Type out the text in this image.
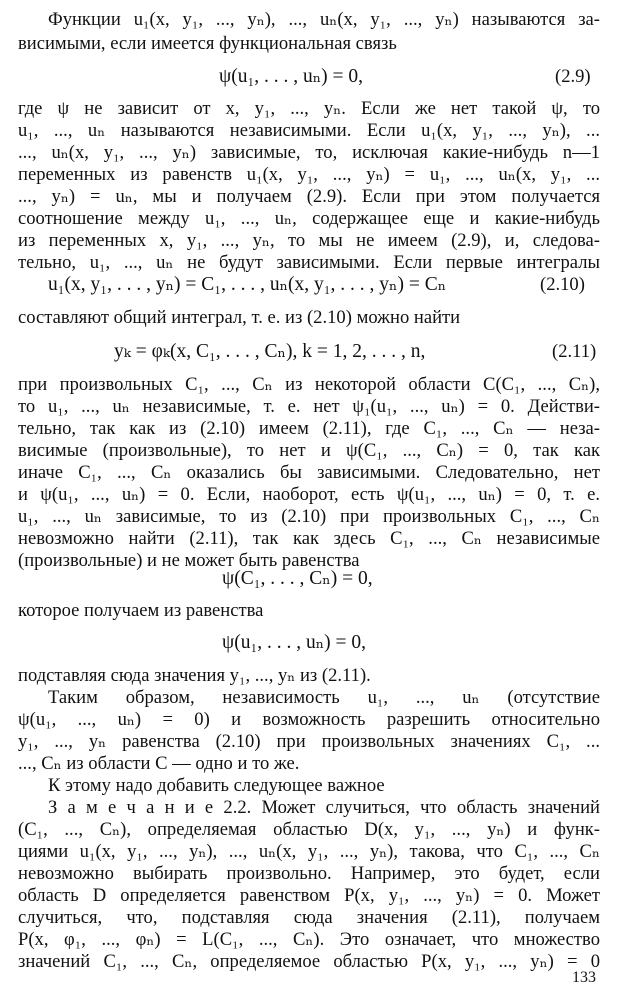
Функции u₁(x, y₁, ..., yₙ), ..., uₙ(x, y₁, ..., yₙ) называются за-
висимыми, если имеется функциональная связь
ψ(u₁, . . . , uₙ) = 0,	(2.9)
где ψ не зависит от x, y₁, ..., yₙ. Если же нет такой ψ, то
u₁, ..., uₙ называются независимыми. Если u₁(x, y₁, ..., yₙ), ...
..., uₙ(x, y₁, ..., yₙ) зависимые, то, исключая какие-нибудь n—1
переменных из равенств u₁(x, y₁, ..., yₙ) = u₁, ..., uₙ(x, y₁, ...
..., yₙ) = uₙ, мы и получаем (2.9). Если при этом получается
соотношение между u₁, ..., uₙ, содержащее еще и какие-нибудь
из переменных x, y₁, ..., yₙ, то мы не имеем (2.9), и, следова-
тельно, u₁, ..., uₙ не будут зависимыми. Если первые интегралы
u₁(x, y₁, . . . , yₙ) = C₁, . . . , uₙ(x, y₁, . . . , yₙ) = Cₙ	(2.10)
составляют общий интеграл, т. е. из (2.10) можно найти
yₖ = φₖ(x, C₁, . . . , Cₙ), k = 1, 2, . . . , n,	(2.11)
при произвольных C₁, ..., Cₙ из некоторой области C(C₁, ..., Cₙ),
то u₁, ..., uₙ независимые, т. е. нет ψ₁(u₁, ..., uₙ) = 0. Действи-
тельно, так как из (2.10) имеем (2.11), где C₁, ..., Cₙ — неза-
висимые (произвольные), то нет и ψ(C₁, ..., Cₙ) = 0, так как
иначе C₁, ..., Cₙ оказались бы зависимыми. Следовательно, нет
и ψ(u₁, ..., uₙ) = 0. Если, наоборот, есть ψ(u₁, ..., uₙ) = 0, т. е.
u₁, ..., uₙ зависимые, то из (2.10) при произвольных C₁, ..., Cₙ
невозможно найти (2.11), так как здесь C₁, ..., Cₙ независимые
(произвольные) и не может быть равенства
ψ(C₁, . . . , Cₙ) = 0,
которое получаем из равенства
ψ(u₁, . . . , uₙ) = 0,
подставляя сюда значения y₁, ..., yₙ из (2.11).
Таким образом, независимость u₁, ..., uₙ (отсутствие
ψ(u₁, ..., uₙ) = 0) и возможность разрешить относительно
y₁, ..., yₙ равенства (2.10) при произвольных значениях C₁, ...
..., Cₙ из области C — одно и то же.
К этому надо добавить следующее важное
З а м е ч а н и е 2.2. Может случиться, что область значений
(C₁, ..., Cₙ), определяемая областью D(x, y₁, ..., yₙ) и функ-
циями u₁(x, y₁, ..., yₙ), ..., uₙ(x, y₁, ..., yₙ), такова, что C₁, ..., Cₙ
невозможно выбирать произвольно. Например, это будет, если
область D определяется равенством P(x, y₁, ..., yₙ) = 0. Может
случиться, что, подставляя сюда значения (2.11), получаем
P(x, φ₁, ..., φₙ) = L(C₁, ..., Cₙ). Это означает, что множество
значений C₁, ..., Cₙ, определяемое областью P(x, y₁, ..., yₙ) = 0
133
